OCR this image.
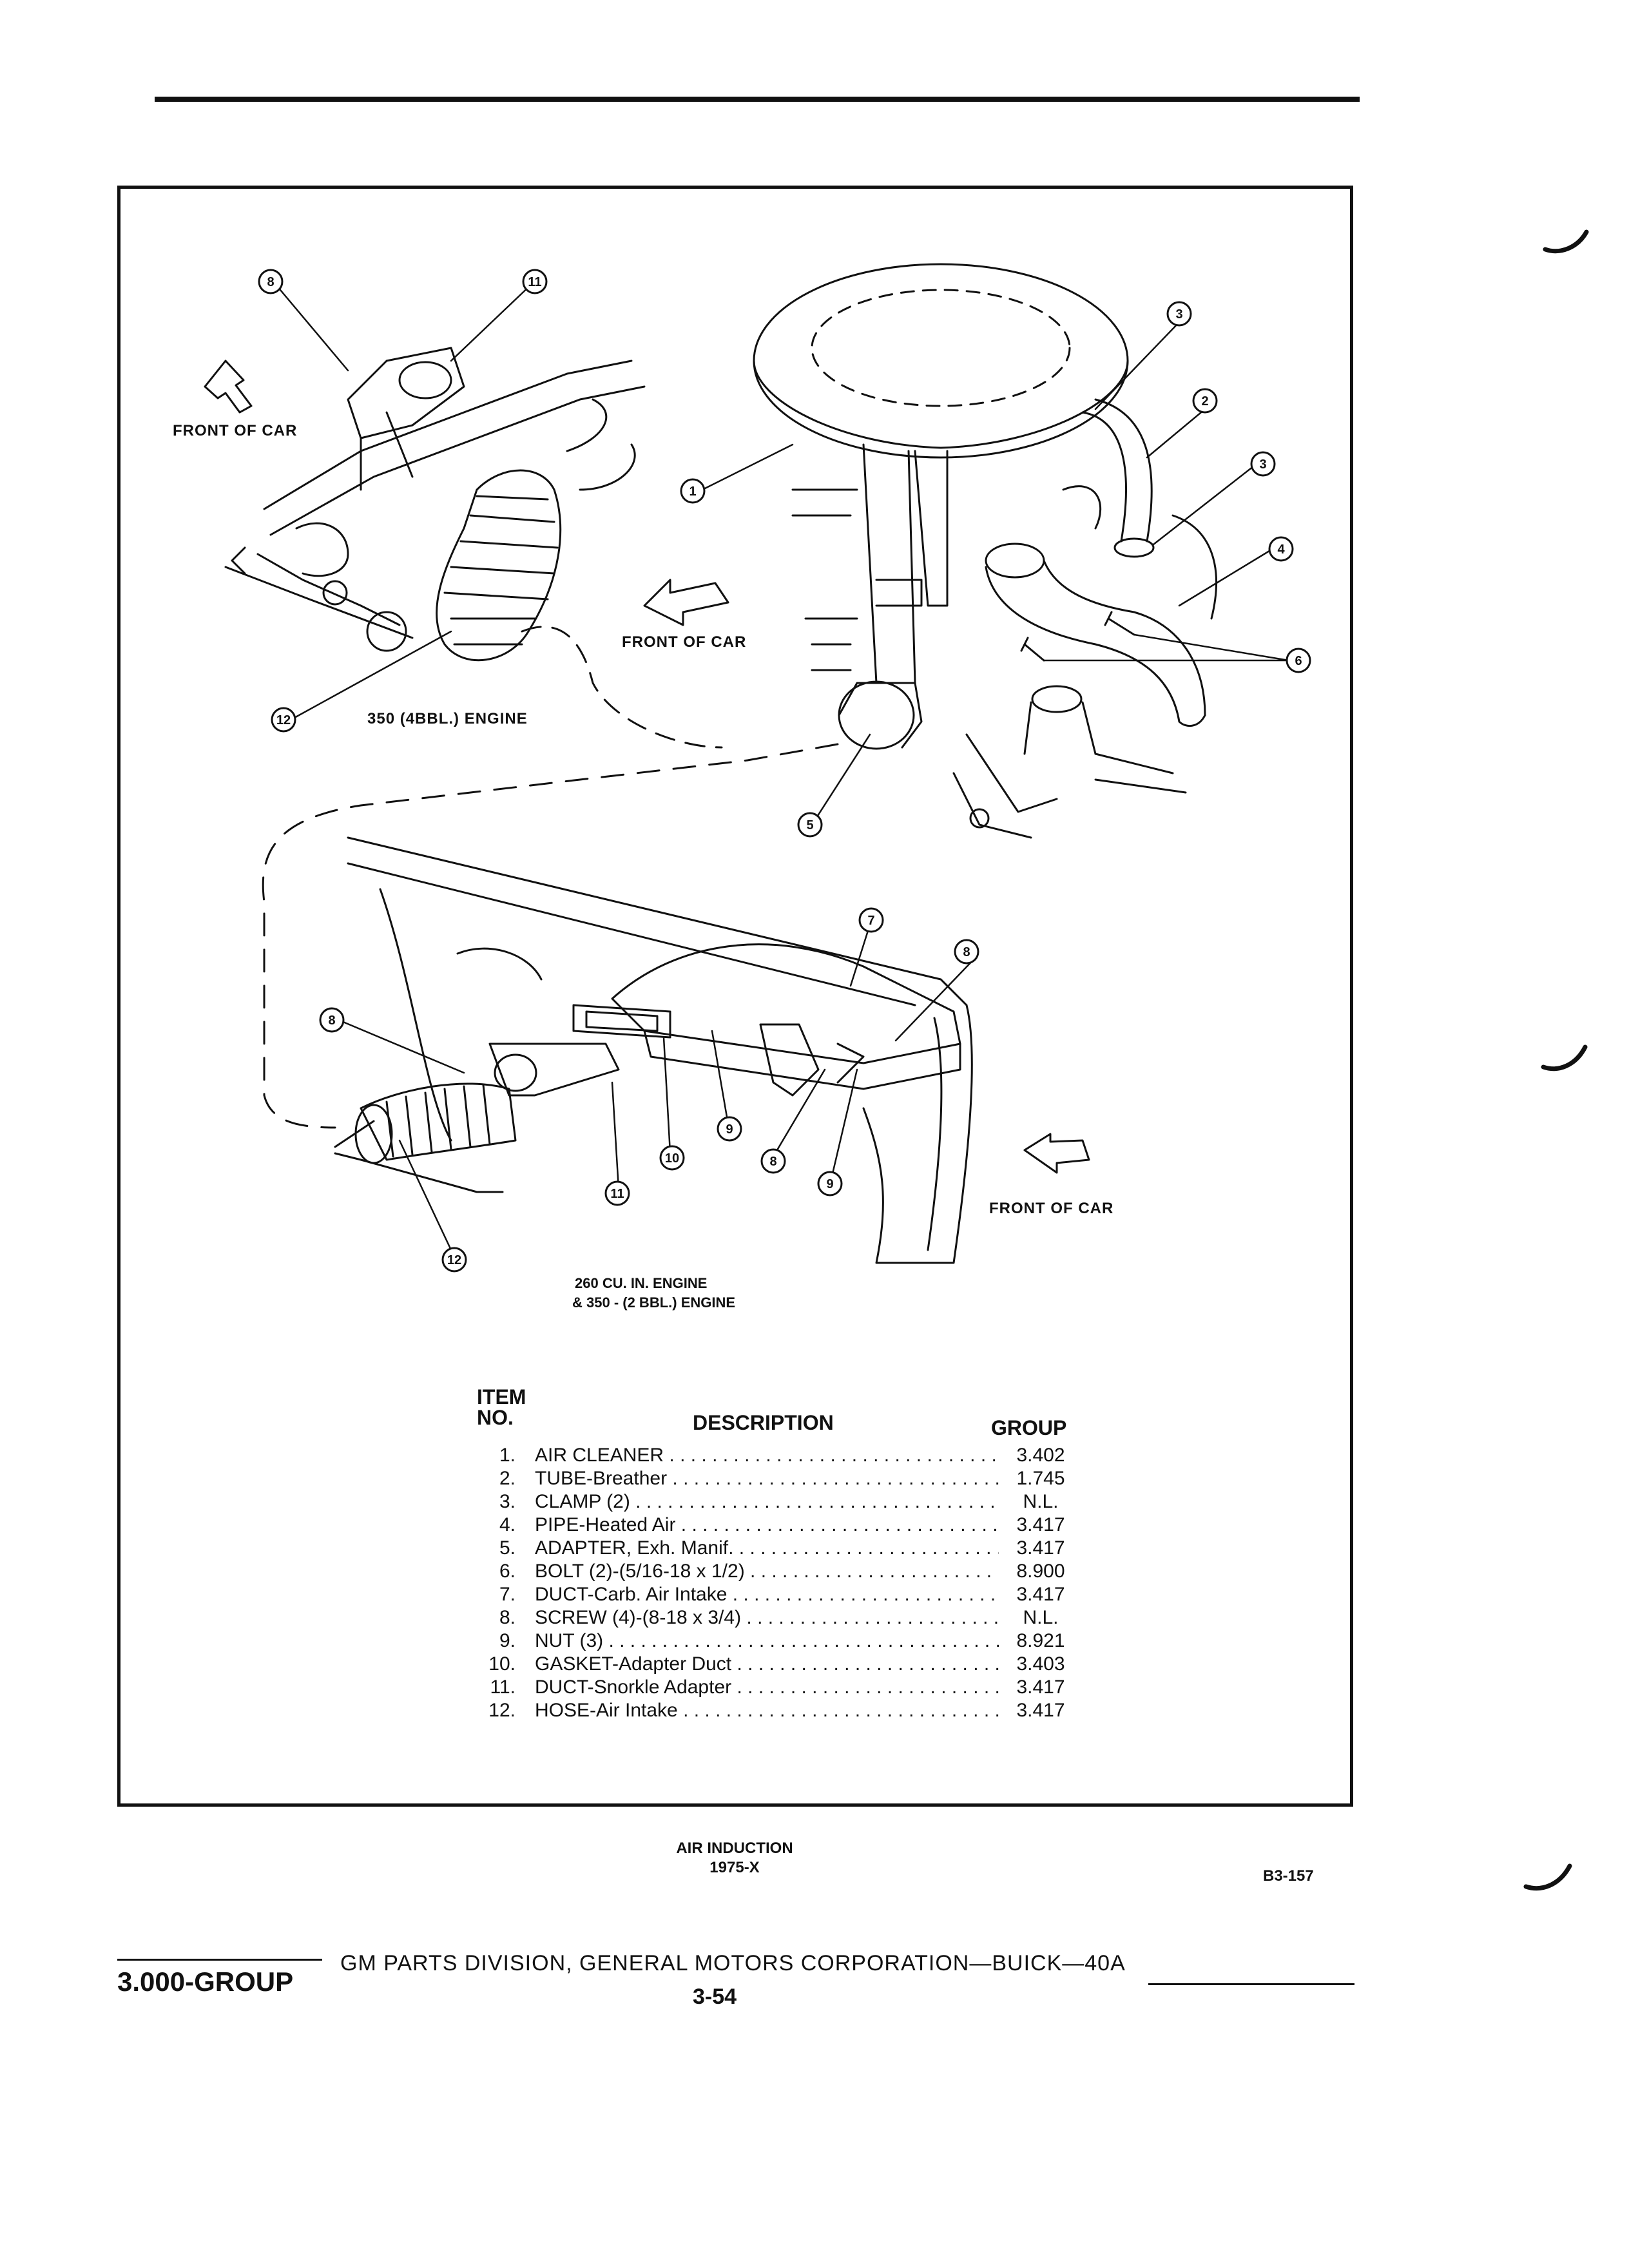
8	11
3
2
3
1
4
6
12
5
7
8
8
9
10	8
11
9
12
FRONT OF CAR
FRONT OF CAR
FRONT OF CAR
350 (4BBL.) ENGINE
260 CU. IN. ENGINE
& 350 - (2 BBL.) ENGINE
ITEM
NO.	DESCRIPTION	GROUP
1. AIR CLEANER . . .	3.402
2. TUBE-Breather . . .	1.745
3. CLAMP (2) . . .	N.L.
4. PIPE-Heated Air . . .	3.417
5. ADAPTER, Exh. Manif. . . .	3.417
6. BOLT (2)-(5/16-18 x 1/2) . . .	8.900
7. DUCT-Carb. Air Intake . . .	3.417
8. SCREW (4)-(8-18 x 3/4) . . .	N.L.
9. NUT (3) . . .	8.921
10. GASKET-Adapter Duct . . .	3.403
11. DUCT-Snorkle Adapter . . .	3.417
12. HOSE-Air Intake . . .	3.417
AIR INDUCTION
1975-X	B3-157
3.000-GROUP
GM PARTS DIVISION, GENERAL MOTORS CORPORATION—BUICK—40A
3-54
